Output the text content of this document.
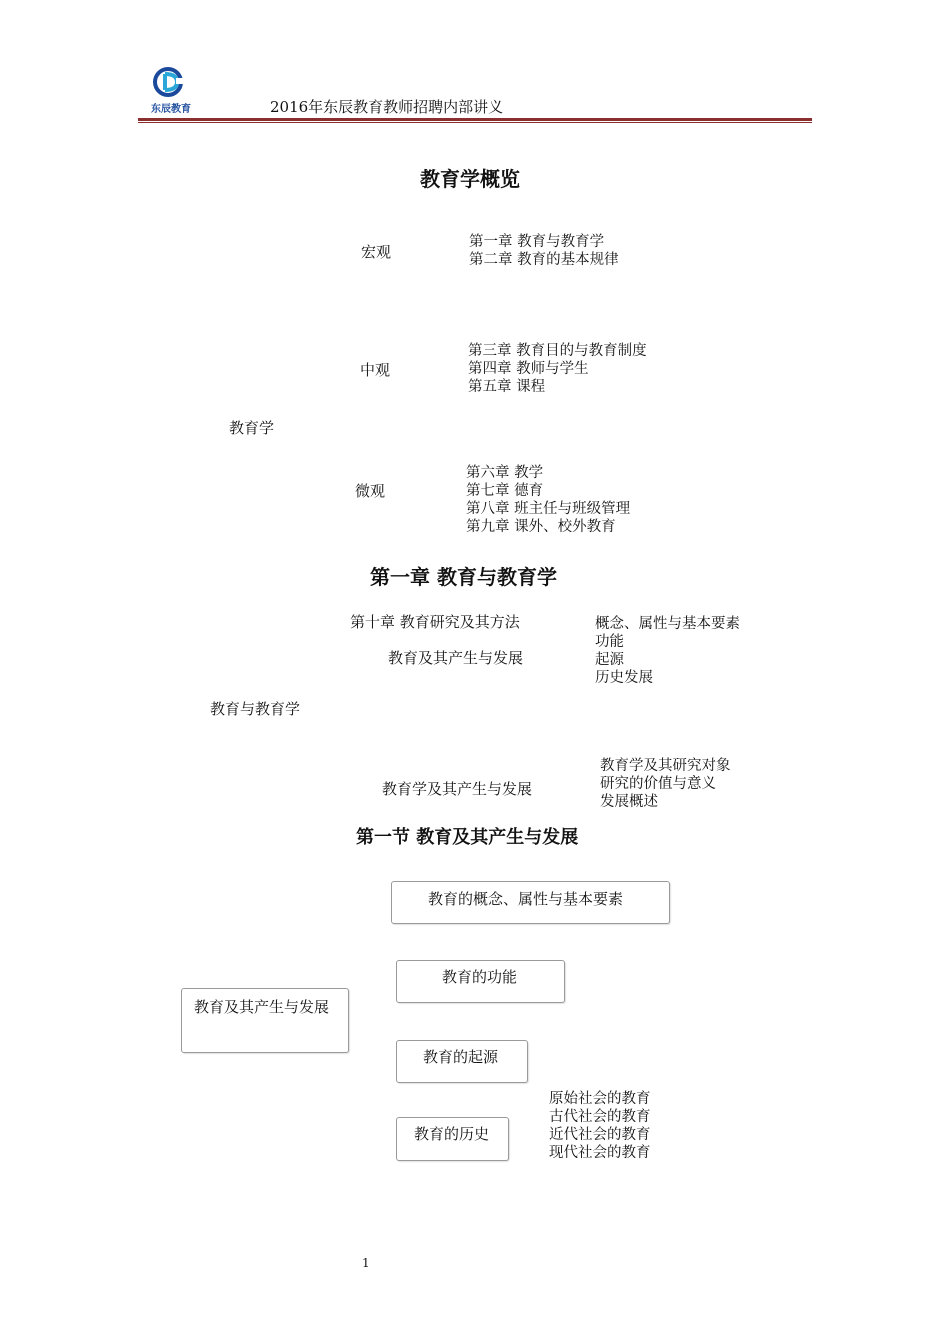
东辰教育	2016年东辰教育教师招聘内部讲义
教育学概览
宏观
第一章 教育与教育学
第二章 教育的基本规律
中观
第三章 教育目的与教育制度
第四章 教师与学生
第五章 课程
教育学
微观
第六章 教学
第七章 德育
第八章 班主任与班级管理
第九章 课外、校外教育
第一章 教育与教育学
第十章 教育研究及其方法
教育及其产生与发展
概念、属性与基本要素
功能
起源
历史发展
教育与教育学
教育学及其产生与发展
教育学及其研究对象
研究的价值与意义
发展概述
第一节 教育及其产生与发展
教育的概念、属性与基本要素
教育的功能
教育及其产生与发展
教育的起源
教育的历史
原始社会的教育
古代社会的教育
近代社会的教育
现代社会的教育
1
